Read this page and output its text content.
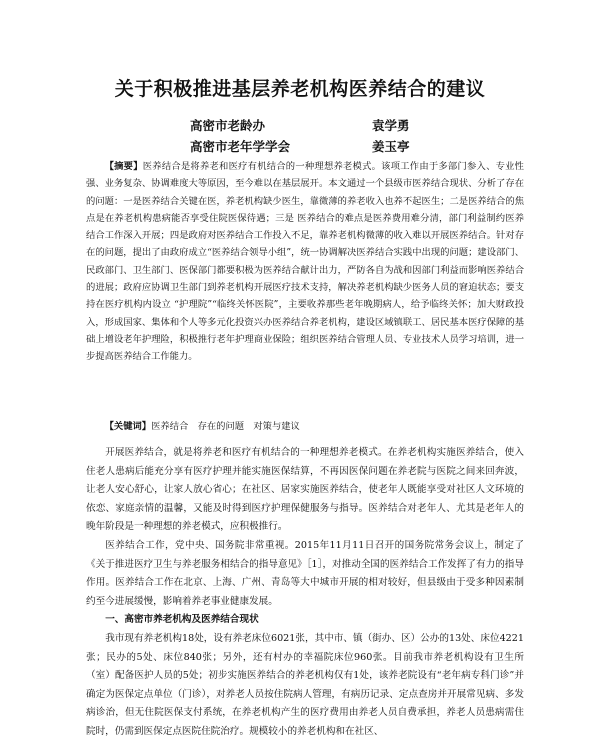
关于积极推进基层养老机构医养结合的建议
高密市老龄办	袁学勇
高密市老年学学会	姜玉亭
【摘要】医养结合是将养老和医疗有机结合的一种理想养老模式。该项工作由于多部门参入、专业性强、业务复杂、协调难度大等原因，至今难以在基层展开。本文通过一个县级市医养结合现状、分析了存在的问题：一是医养结合关键在医，养老机构缺少医生，靠微薄的养老收入也养不起医生；二是医养结合的焦点是在养老机构患病能否享受住院医保待遇；三是 医养结合的难点是医养费用难分清，部门利益制约医养结合工作深入开展；四是政府对医养结合工作投入不足，靠养老机构微薄的收入难以开展医养结合。针对存在的问题，提出了由政府成立“医养结合领导小组”，统一协调解决医养结合实践中出现的问题；建设部门、民政部门、卫生部门、医保部门都要积极为医养结合献计出力，严防各自为战和因部门利益而影响医养结合的进展；政府应协调卫生部门到养老机构开展医疗技术支持，解决养老机构缺少医务人员的窘迫状态；要支持在医疗机构内设立 “护理院”“临终关怀医院”，主要收养那些老年晚期病人，给予临终关怀；加大财政投入，形成国家、集体和个人等多元化投资兴办医养结合养老机构，建设区域镇联工、居民基本医疗保障的基础上增设老年护理险，积极推行老年护理商业保险；组织医养结合管理人员、专业技术人员学习培训，进一步提高医养结合工作能力。
【关键词】医养结合　存在的问题　对策与建议

开展医养结合，就是将养老和医疗有机结合的一种理想养老模式。在养老机构实施医养结合，使入住老人患病后能充分享有医疗护理并能实施医保结算，不再因医保问题在养老院与医院之间来回奔波，让老人安心舒心，让家人放心省心；在社区、居家实施医养结合，使老年人既能享受对社区人文环境的依恋、家庭亲情的温馨，又能及时得到医疗护理保健服务与指导。医养结合对老年人、尤其是老年人的晚年阶段是一种理想的养老模式，应积极推行。

医养结合工作，党中央、国务院非常重视。2015年11月11日召开的国务院常务会议上，制定了《关于推进医疗卫生与养老服务相结合的指导意见》［1］，对推动全国的医养结合工作发挥了有力的指导作用。医养结合工作在北京、上海、广州、青岛等大中城市开展的相对较好，但县级由于受多种因素制约至今进展缓慢，影响着养老事业健康发展。

一、高密市养老机构及医养结合现状

我市现有养老机构18处，设有养老床位6021张，其中市、镇（街办、区）公办的13处、床位4221张；民办的5处、床位840张；另外，还有村办的幸福院床位960张。目前我市养老机构设有卫生所（室）配备医护人员的5处；初步实施医养结合的养老机构仅有1处，该养老院设有“老年病专科门诊”并确定为医保定点单位（门诊），对养老人员按住院病人管理，有病历记录、定点查房并开展常见病、多发病诊治，但无住院医保支付系统，在养老机构产生的医疗费用由养老人员自费承担，养老人员患病需住院时，仍需到医保定点医院住院治疗。规模较小的养老机构和在社区、
